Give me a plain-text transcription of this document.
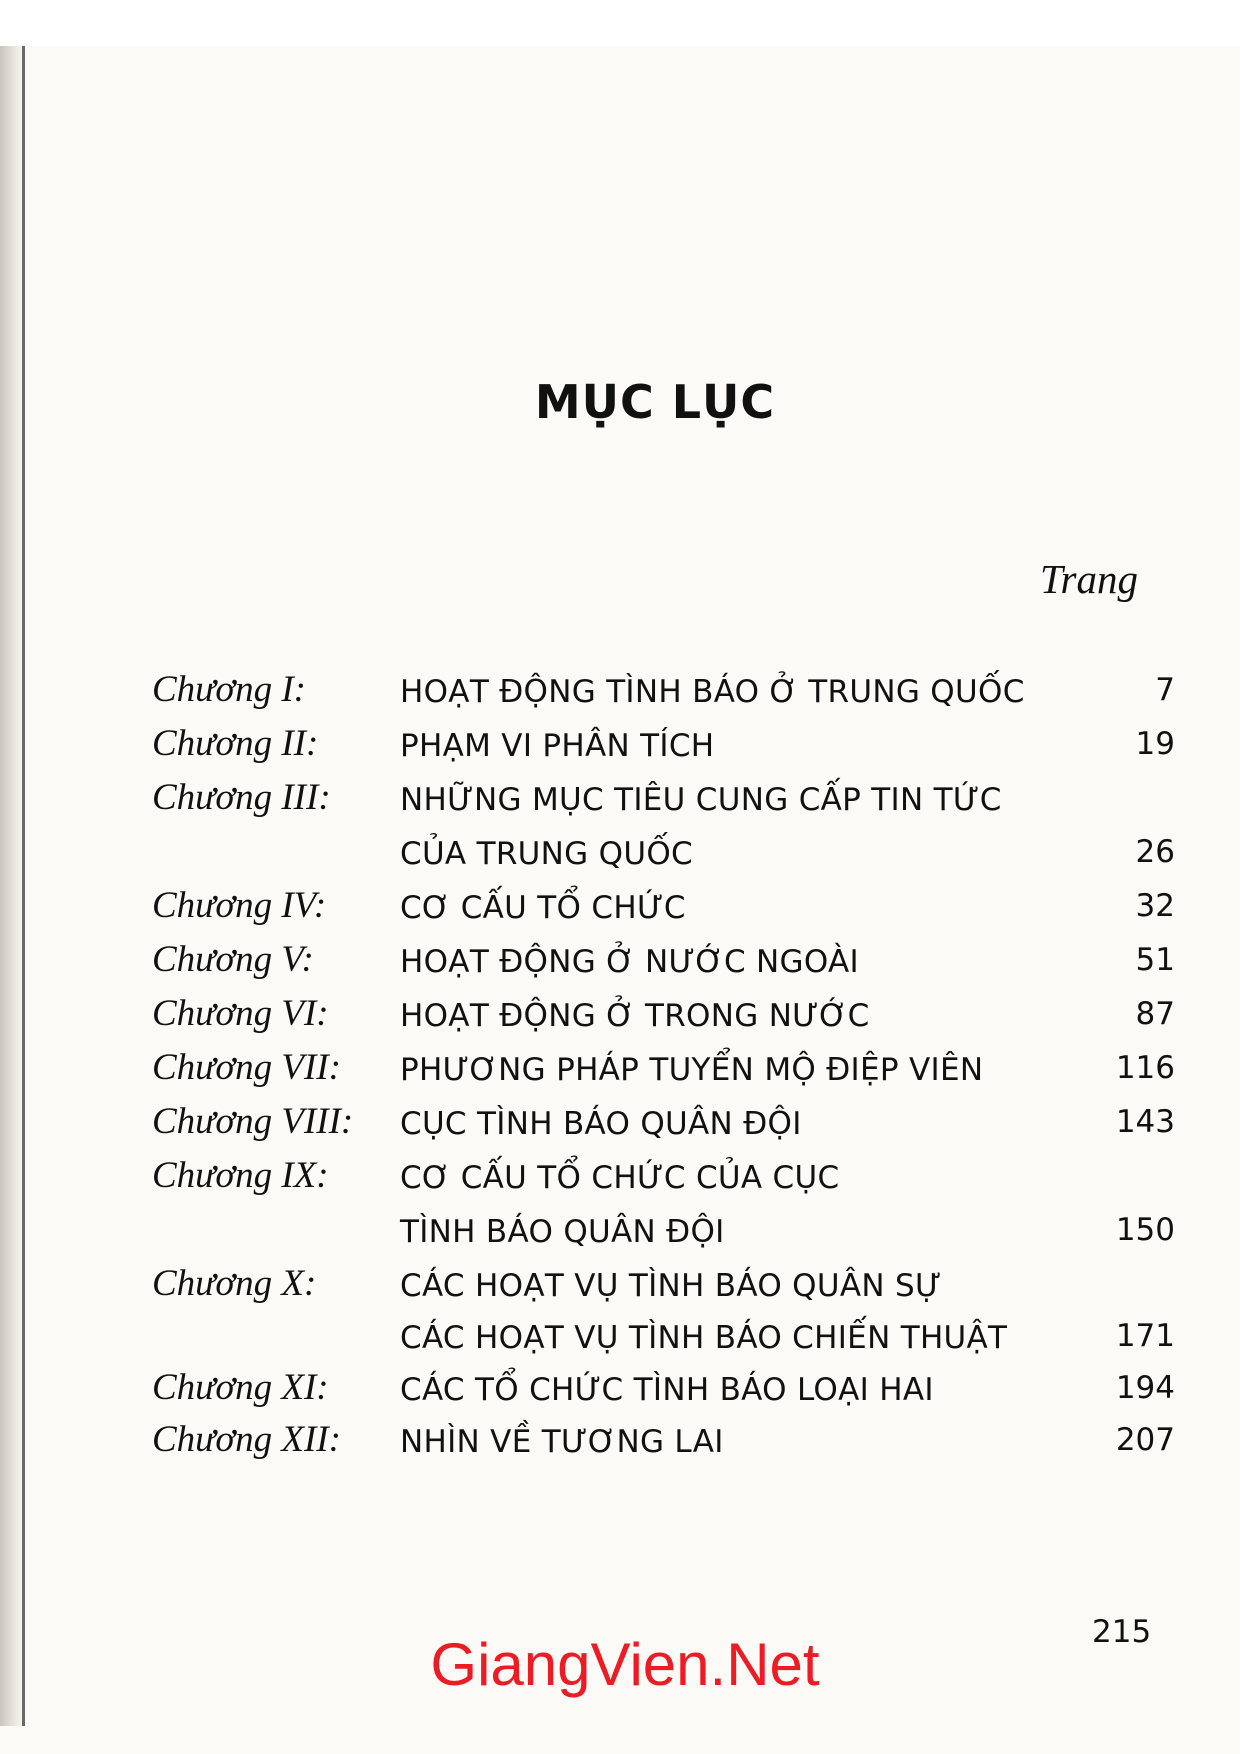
MỤC LỤC
Trang
Chương I:	HOẠT ĐỘNG TÌNH BÁO Ở TRUNG QUỐC	7
Chương II:	PHẠM VI PHÂN TÍCH	19
Chương III: NHỮNG MỤC TIÊU CUNG CẤP TIN TỨC
CỦA TRUNG QUỐC	26
Chương IV: CƠ CẤU TỔ CHỨC	32
Chương V:	HOẠT ĐỘNG Ở NƯỚC NGOÀI	51
Chương VI: HOẠT ĐỘNG Ở TRONG NƯỚC	87
Chương VII: PHƯƠNG PHÁP TUYỂN MỘ ĐIỆP VIÊN	116
Chương VIII: CỤC TÌNH BÁO QUÂN ĐỘI	143
Chương IX: CƠ CẤU TỔ CHỨC CỦA CỤC
TÌNH BÁO QUÂN ĐỘI	150
Chương X:	CÁC HOẠT VỤ TÌNH BÁO QUÂN SỰ
CÁC HOẠT VỤ TÌNH BÁO CHIẾN THUẬT	171
Chương XI: CÁC TỔ CHỨC TÌNH BÁO LOẠI HAI	194
Chương XII: NHÌN VỀ TƯƠNG LAI	207
215
GiangVien.Net
